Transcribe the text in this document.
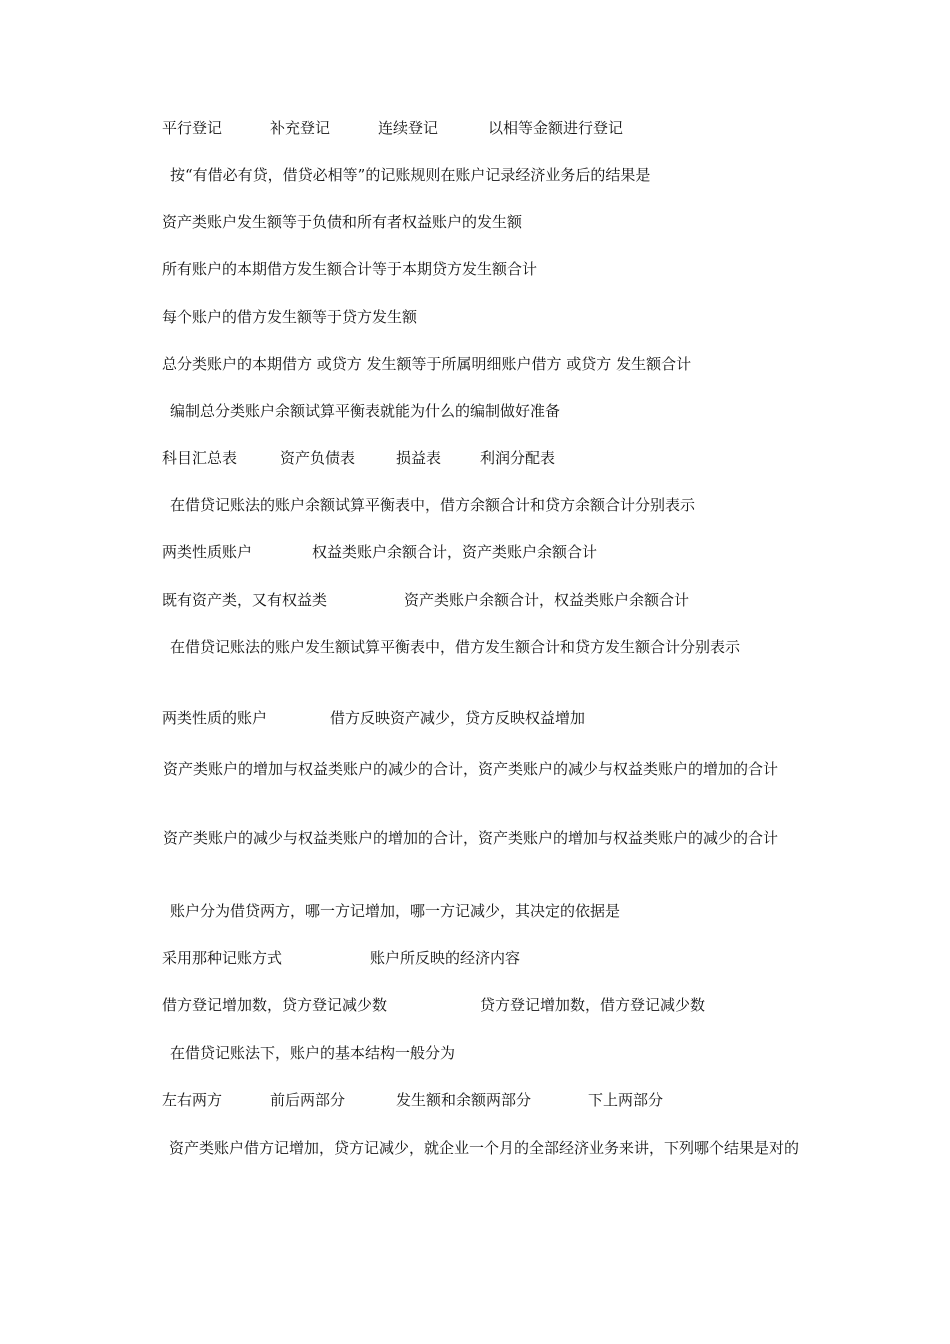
平行登记	补充登记	连续登记	以相等金额进行登记
按“有借必有贷，借贷必相等”的记账规则在账户记录经济业务后的结果是
资产类账户发生额等于负债和所有者权益账户的发生额
所有账户的本期借方发生额合计等于本期贷方发生额合计
每个账户的借方发生额等于贷方发生额
总分类账户的本期借方 或贷方 发生额等于所属明细账户借方 或贷方 发生额合计
编制总分类账户余额试算平衡表就能为什么的编制做好准备
科目汇总表	资产负债表	损益表	利润分配表
在借贷记账法的账户余额试算平衡表中，借方余额合计和贷方余额合计分别表示
两类性质账户	权益类账户余额合计，资产类账户余额合计
既有资产类，又有权益类	资产类账户余额合计，权益类账户余额合计
在借贷记账法的账户发生额试算平衡表中，借方发生额合计和贷方发生额合计分别表示
两类性质的账户	借方反映资产减少，贷方反映权益增加
资产类账户的增加与权益类账户的减少的合计，资产类账户的减少与权益类账户的增加的合计
资产类账户的减少与权益类账户的增加的合计，资产类账户的增加与权益类账户的减少的合计
账户分为借贷两方，哪一方记增加，哪一方记减少，其决定的依据是
采用那种记账方式	账户所反映的经济内容
借方登记增加数，贷方登记减少数	贷方登记增加数，借方登记减少数
在借贷记账法下，账户的基本结构一般分为
左右两方	前后两部分	发生额和余额两部分	下上两部分
资产类账户借方记增加，贷方记减少，就企业一个月的全部经济业务来讲，下列哪个结果是对的
